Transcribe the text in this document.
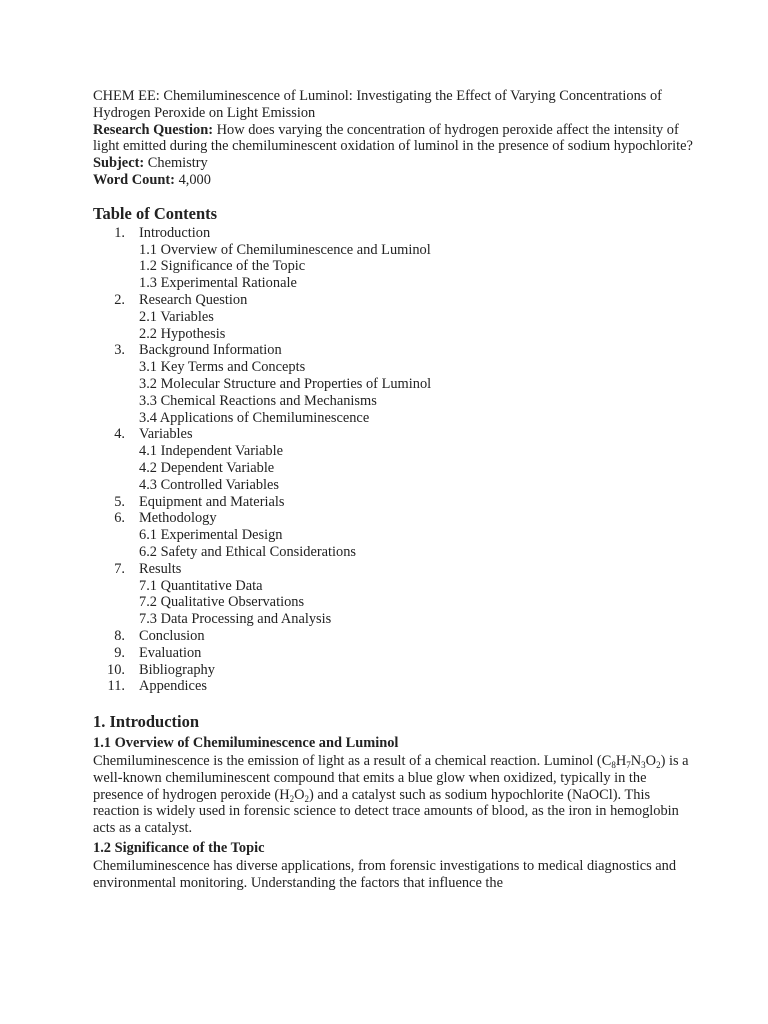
CHEM EE: Chemiluminescence of Luminol: Investigating the Effect of Varying Concentrations of Hydrogen Peroxide on Light Emission

Research Question: How does varying the concentration of hydrogen peroxide affect the intensity of light emitted during the chemiluminescent oxidation of luminol in the presence of sodium hypochlorite?

Subject: Chemistry

Word Count: 4,000

Table of Contents
1. Introduction
1.1 Overview of Chemiluminescence and Luminol
1.2 Significance of the Topic
1.3 Experimental Rationale
2. Research Question
2.1 Variables
2.2 Hypothesis
3. Background Information
3.1 Key Terms and Concepts
3.2 Molecular Structure and Properties of Luminol
3.3 Chemical Reactions and Mechanisms
3.4 Applications of Chemiluminescence
4. Variables
4.1 Independent Variable
4.2 Dependent Variable
4.3 Controlled Variables
5. Equipment and Materials
6. Methodology
6.1 Experimental Design
6.2 Safety and Ethical Considerations
7. Results
7.1 Quantitative Data
7.2 Qualitative Observations
7.3 Data Processing and Analysis
8. Conclusion
9. Evaluation
10. Bibliography
11. Appendices
1. Introduction
1.1 Overview of Chemiluminescence and Luminol

Chemiluminescence is the emission of light as a result of a chemical reaction. Luminol $(C_8H_7N_3O_2)$ is a well-known chemiluminescent compound that emits a blue glow when oxidized, typically in the presence of hydrogen peroxide $(H_2O_2)$ and a catalyst such as sodium hypochlorite (NaOCl). This reaction is widely used in forensic science to detect trace amounts of blood, as the iron in hemoglobin acts as a catalyst.

1.2 Significance of the Topic

Chemiluminescence has diverse applications, from forensic investigations to medical diagnostics and environmental monitoring. Understanding the factors that influence the
